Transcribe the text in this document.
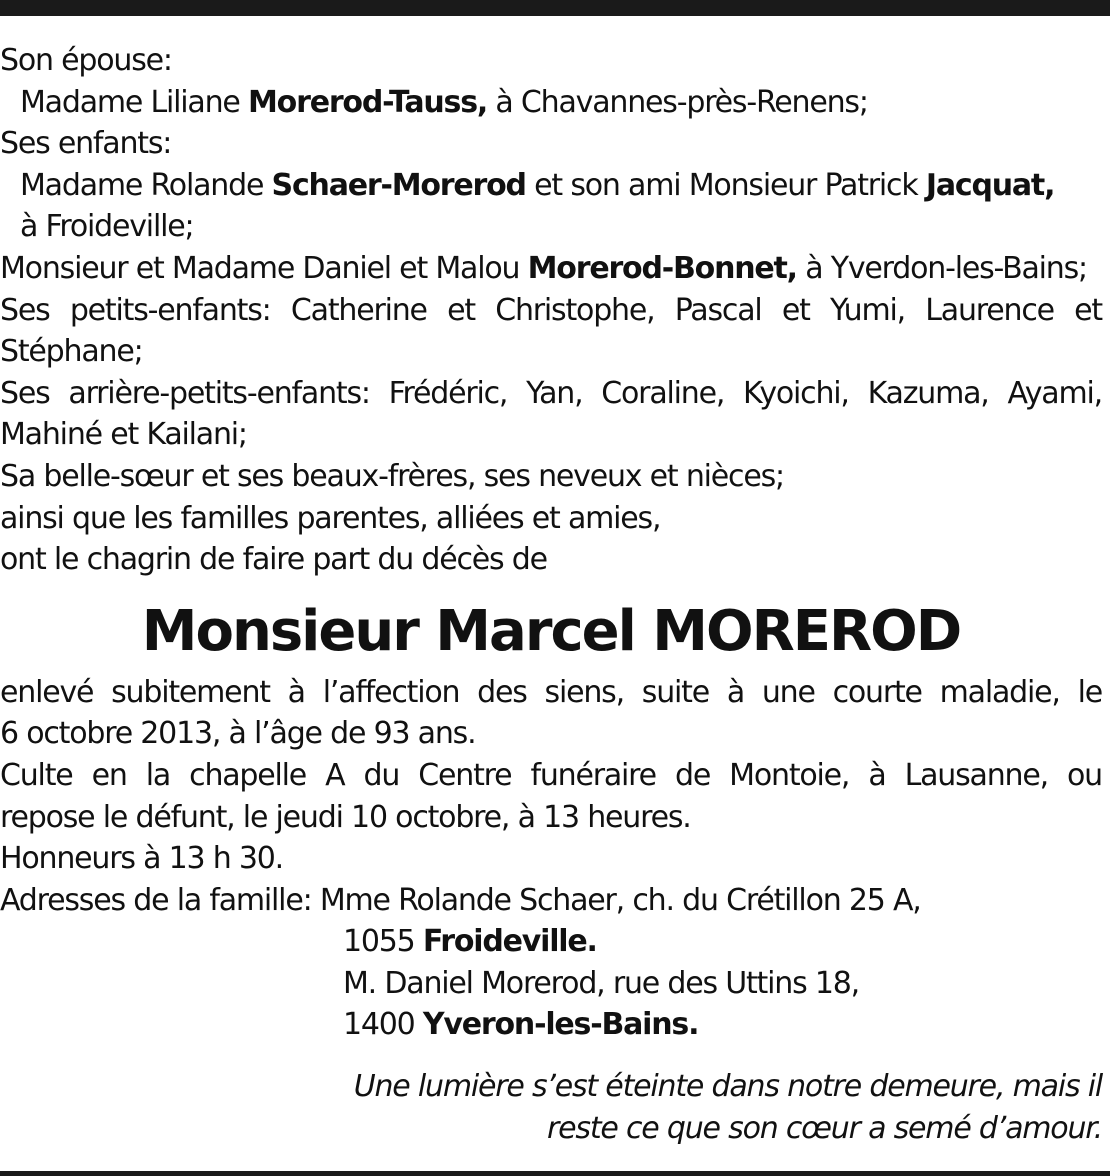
Son épouse:
Madame Liliane Morerod-Tauss, à Chavannes-près-Renens;
Ses enfants:
Madame Rolande Schaer-Morerod et son ami Monsieur Patrick Jacquat,
à Froideville;
Monsieur et Madame Daniel et Malou Morerod-Bonnet, à Yverdon-les-Bains;
Ses petits-enfants: Catherine et Christophe, Pascal et Yumi, Laurence et
Stéphane;
Ses arrière-petits-enfants: Frédéric, Yan, Coraline, Kyoichi, Kazuma, Ayami,
Mahiné et Kailani;
Sa belle-sœur et ses beaux-frères, ses neveux et nièces;
ainsi que les familles parentes, alliées et amies,
ont le chagrin de faire part du décès de
Monsieur Marcel MOREROD
enlevé subitement à l’affection des siens, suite à une courte maladie, le
6 octobre 2013, à l’âge de 93 ans.
Culte en la chapelle A du Centre funéraire de Montoie, à Lausanne, ou
repose le défunt, le jeudi 10 octobre, à 13 heures.
Honneurs à 13 h 30.
Adresses de la famille: Mme Rolande Schaer, ch. du Crétillon 25 A,
1055 Froideville.
M. Daniel Morerod, rue des Uttins 18,
1400 Yveron-les-Bains.
Une lumière s’est éteinte dans notre demeure, mais il
reste ce que son cœur a semé d’amour.
